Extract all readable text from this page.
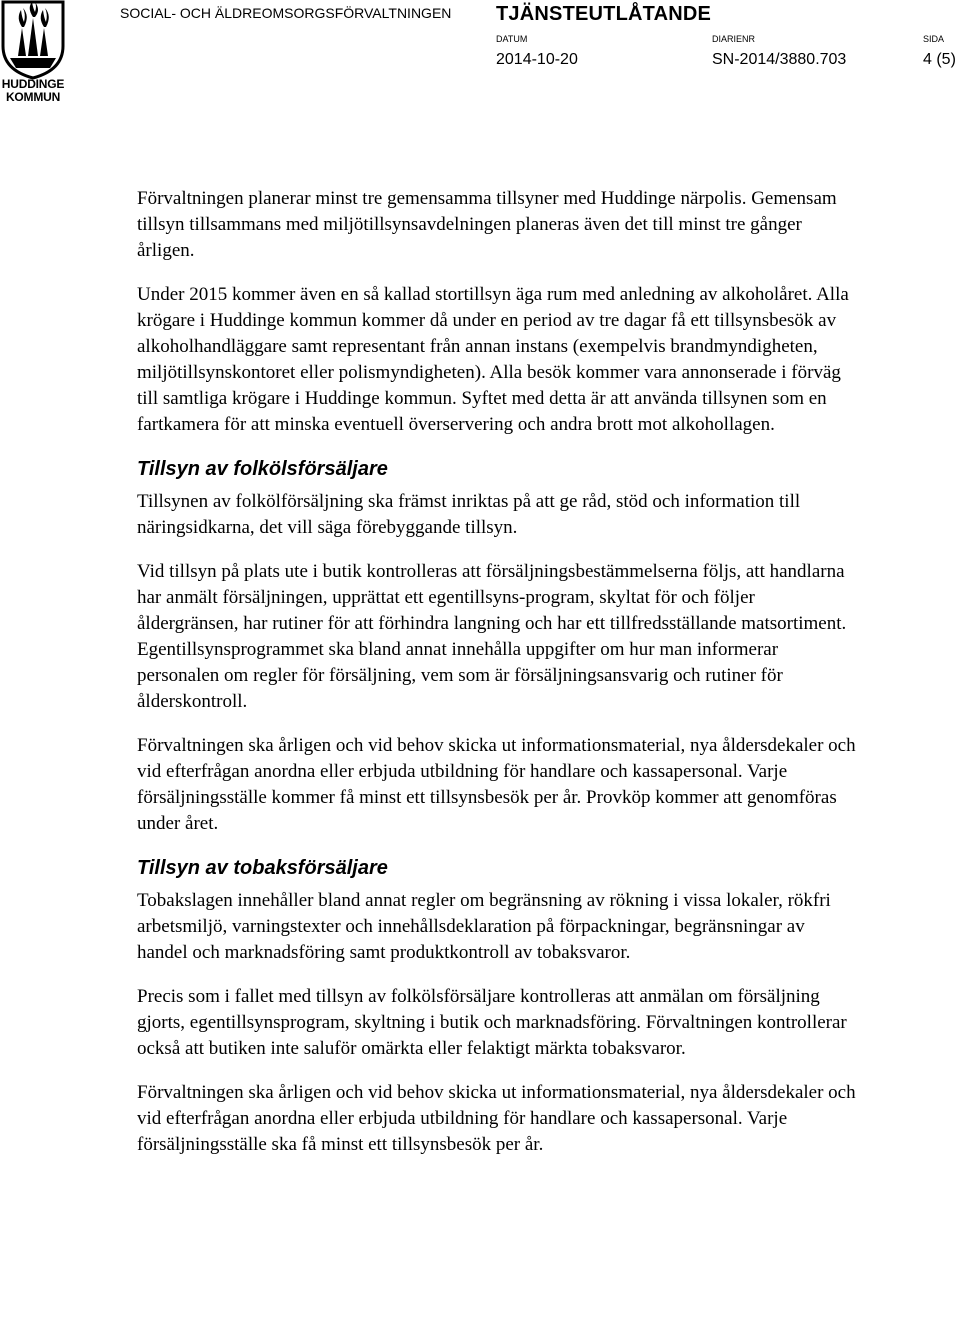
HUDDINGE
KOMMUN
SOCIAL- OCH ÄLDREOMSORGSFÖRVALTNINGEN TJÄNSTEUTLÅTANDE
DATUM	DIARIENR	SIDA
2014-10-20	SN-2014/3880.703	4 (5)

Förvaltningen planerar minst tre gemensamma tillsyner med Huddinge närpolis. Gemensam tillsyn tillsammans med miljötillsynsavdelningen planeras även det till minst tre gånger årligen.

Under 2015 kommer även en så kallad stortillsyn äga rum med anledning av alkoholåret. Alla krögare i Huddinge kommun kommer då under en period av tre dagar få ett tillsynsbesök av alkoholhandläggare samt representant från annan instans (exempelvis brandmyndigheten, miljötillsynskontoret eller polismyndigheten). Alla besök kommer vara annonserade i förväg till samtliga krögare i Huddinge kommun. Syftet med detta är att använda tillsynen som en fartkamera för att minska eventuell överservering och andra brott mot alkohollagen.

Tillsyn av folkölsförsäljare

Tillsynen av folkölförsäljning ska främst inriktas på att ge råd, stöd och information till näringsidkarna, det vill säga förebyggande tillsyn.

Vid tillsyn på plats ute i butik kontrolleras att försäljningsbestämmelserna följs, att handlarna har anmält försäljningen, upprättat ett egentillsyns-program, skyltat för och följer åldergränsen, har rutiner för att förhindra langning och har ett tillfredsställande matsortiment. Egentillsynsprogrammet ska bland annat innehålla uppgifter om hur man informerar personalen om regler för försäljning, vem som är försäljningsansvarig och rutiner för ålderskontroll.

Förvaltningen ska årligen och vid behov skicka ut informationsmaterial, nya åldersdekaler och vid efterfrågan anordna eller erbjuda utbildning för handlare och kassapersonal. Varje försäljningsställe kommer få minst ett tillsynsbesök per år. Provköp kommer att genomföras under året.

Tillsyn av tobaksförsäljare

Tobakslagen innehåller bland annat regler om begränsning av rökning i vissa lokaler, rökfri arbetsmiljö, varningstexter och innehållsdeklaration på förpackningar, begränsningar av handel och marknadsföring samt produktkontroll av tobaksvaror.

Precis som i fallet med tillsyn av folkölsförsäljare kontrolleras att anmälan om försäljning gjorts, egentillsynsprogram, skyltning i butik och marknadsföring. Förvaltningen kontrollerar också att butiken inte saluför omärkta eller felaktigt märkta tobaksvaror.

Förvaltningen ska årligen och vid behov skicka ut informationsmaterial, nya åldersdekaler och vid efterfrågan anordna eller erbjuda utbildning för handlare och kassapersonal. Varje försäljningsställe ska få minst ett tillsynsbesök per år.
